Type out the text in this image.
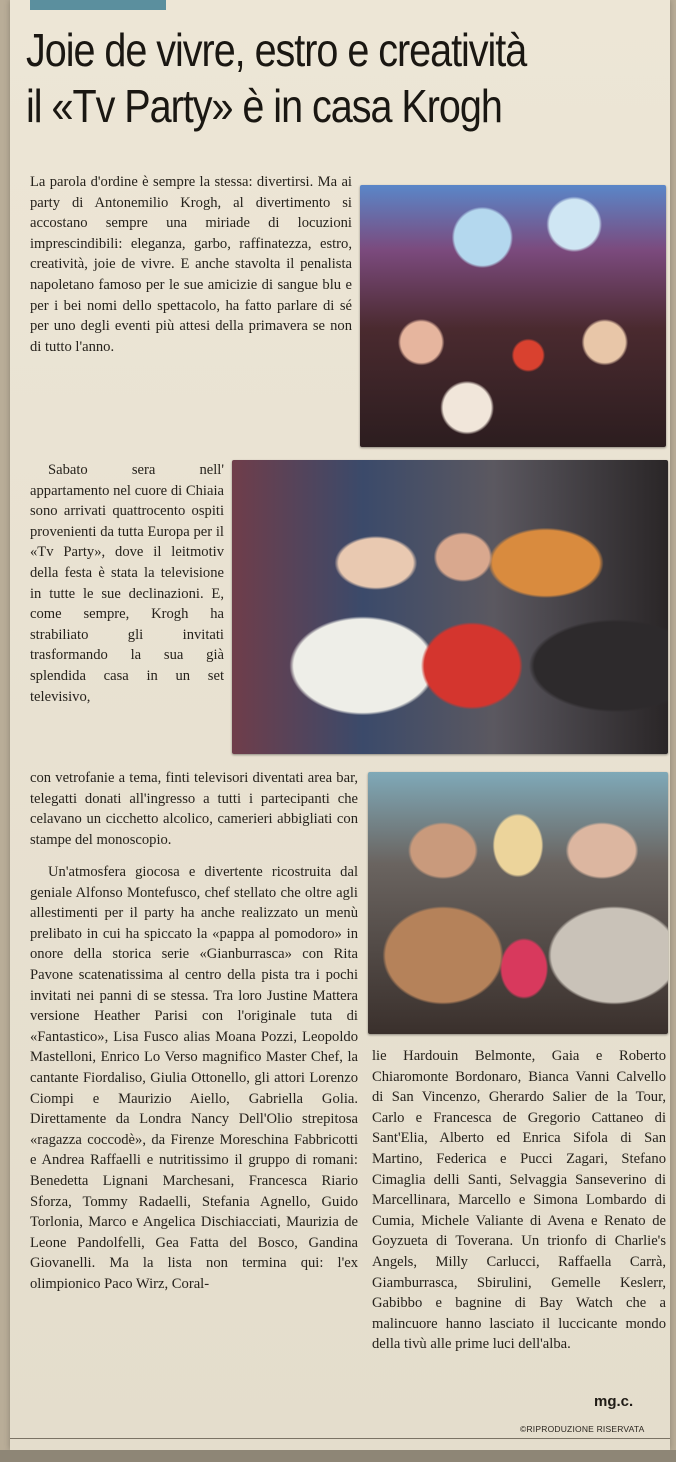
Joie de vivre, estro e creatività
il «Tv Party» è in casa Krogh

La parola d'ordine è sempre la stessa: divertirsi. Ma ai party di Antonemilio Krogh, al divertimento si accostano sempre una miriade di locuzioni imprescindibili: eleganza, garbo, raffinatezza, estro, creatività, joie de vivre. E anche stavolta il penalista napoletano famoso per le sue amicizie di sangue blu e per i bei nomi dello spettacolo, ha fatto parlare di sé per uno degli eventi più attesi della primavera se non di tutto l'anno.

Sabato sera nell' appartamento nel cuore di Chiaia sono arrivati quattrocento ospiti provenienti da tutta Europa per il «Tv Party», dove il leitmotiv della festa è stata la televisione in tutte le sue declinazioni. E, come sempre, Krogh ha strabiliato gli invitati trasformando la sua già splendida casa in un set televisivo,

con vetrofanie a tema, finti televisori diventati area bar, telegatti donati all'ingresso a tutti i partecipanti che celavano un cicchetto alcolico, camerieri abbigliati con stampe del monoscopio.

Un'atmosfera giocosa e divertente ricostruita dal geniale Alfonso Montefusco, chef stellato che oltre agli allestimenti per il party ha anche realizzato un menù prelibato in cui ha spiccato la «pappa al pomodoro» in onore della storica serie «Gianburrasca» con Rita Pavone scatenatissima al centro della pista tra i pochi invitati nei panni di se stessa. Tra loro Justine Mattera versione Heather Parisi con l'originale tuta di «Fantastico», Lisa Fusco alias Moana Pozzi, Leopoldo Mastelloni, Enrico Lo Verso magnifico Master Chef, la cantante Fiordaliso, Giulia Ottonello, gli attori Lorenzo Ciompi e Maurizio Aiello, Gabriella Golia. Direttamente da Londra Nancy Dell'Olio strepitosa «ragazza coccodè», da Firenze Moreschina Fabbricotti e Andrea Raffaelli e nutritissimo il gruppo di romani: Benedetta Lignani Marchesani, Francesca Riario Sforza, Tommy Radaelli, Stefania Agnello, Guido Torlonia, Marco e Angelica Dischiacciati, Maurizia de Leone Pandolfelli, Gea Fatta del Bosco, Gandina Giovanelli. Ma la lista non termina qui: l'ex olimpionico Paco Wirz, Coral-

lie Hardouin Belmonte, Gaia e Roberto Chiaromonte Bordonaro, Bianca Vanni Calvello di San Vincenzo, Gherardo Salier de la Tour, Carlo e Francesca de Gregorio Cattaneo di Sant'Elia, Alberto ed Enrica Sifola di San Martino, Federica e Pucci Zagari, Stefano Cimaglia delli Santi, Selvaggia Sanseverino di Marcellinara, Marcello e Simona Lombardo di Cumia, Michele Valiante di Avena e Renato de Goyzueta di Toverana. Un trionfo di Charlie's Angels, Milly Carlucci, Raffaella Carrà, Giamburrasca, Sbirulini, Gemelle Keslerr, Gabibbo e bagnine di Bay Watch che a malincuore hanno lasciato il luccicante mondo della tivù alle prime luci dell'alba.

mg.c.
©RIPRODUZIONE RISERVATA
